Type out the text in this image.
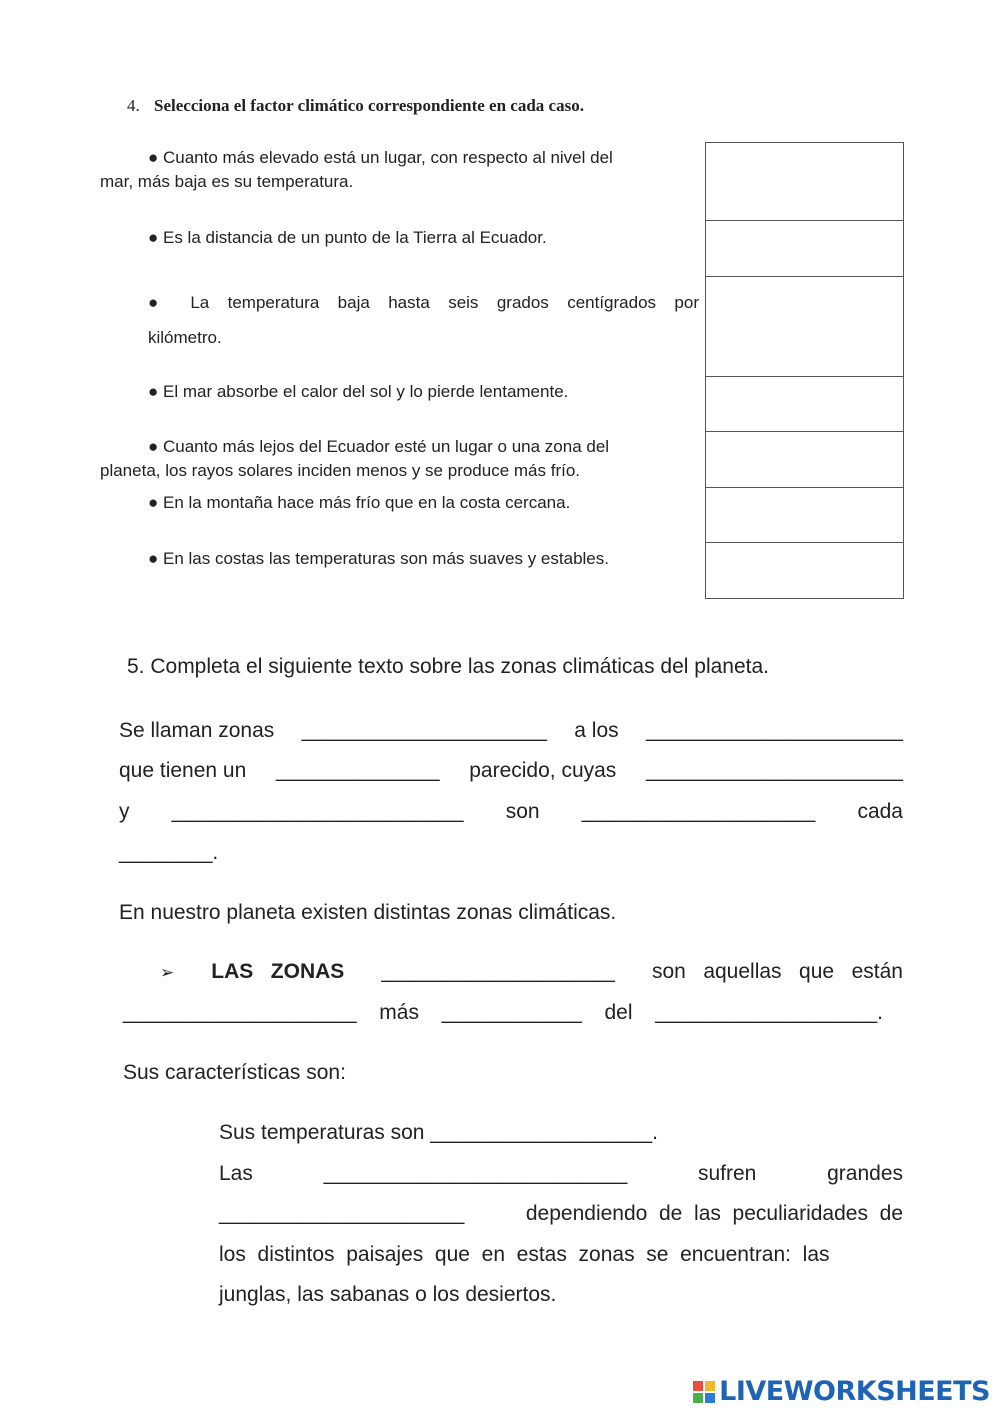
4. Selecciona el factor climático correspondiente en cada caso.
● Cuanto más elevado está un lugar, con respecto al nivel del
mar, más baja es su temperatura.
● Es la distancia de un punto de la Tierra al Ecuador.
● La temperatura baja hasta seis grados centígrados por
kilómetro.
● El mar absorbe el calor del sol y lo pierde lentamente.
● Cuanto más lejos del Ecuador esté un lugar o una zona del
planeta, los rayos solares inciden menos y se produce más frío.
● En la montaña hace más frío que en la costa cercana.
● En las costas las temperaturas son más suaves y estables.
5. Completa el siguiente texto sobre las zonas climáticas del planeta.
Se llaman zonas _____________________ a los ______________________
que tienen un ______________ parecido, cuyas ______________________
y _________________________ son ____________________ cada
________.
En nuestro planeta existen distintas zonas climáticas.
➢ LAS   ZONAS ____________________ son   aquellas   que   están
____________________ más ____________ del ___________________.
Sus características son:
Sus temperaturas son ___________________.
Las	__________________________	sufren	grandes
_____________________	dependiendo  de  las  peculiaridades  de
los  distintos  paisajes  que  en  estas  zonas  se  encuentran:  las
junglas, las sabanas o los desiertos.
LIVEWORKSHEETS
